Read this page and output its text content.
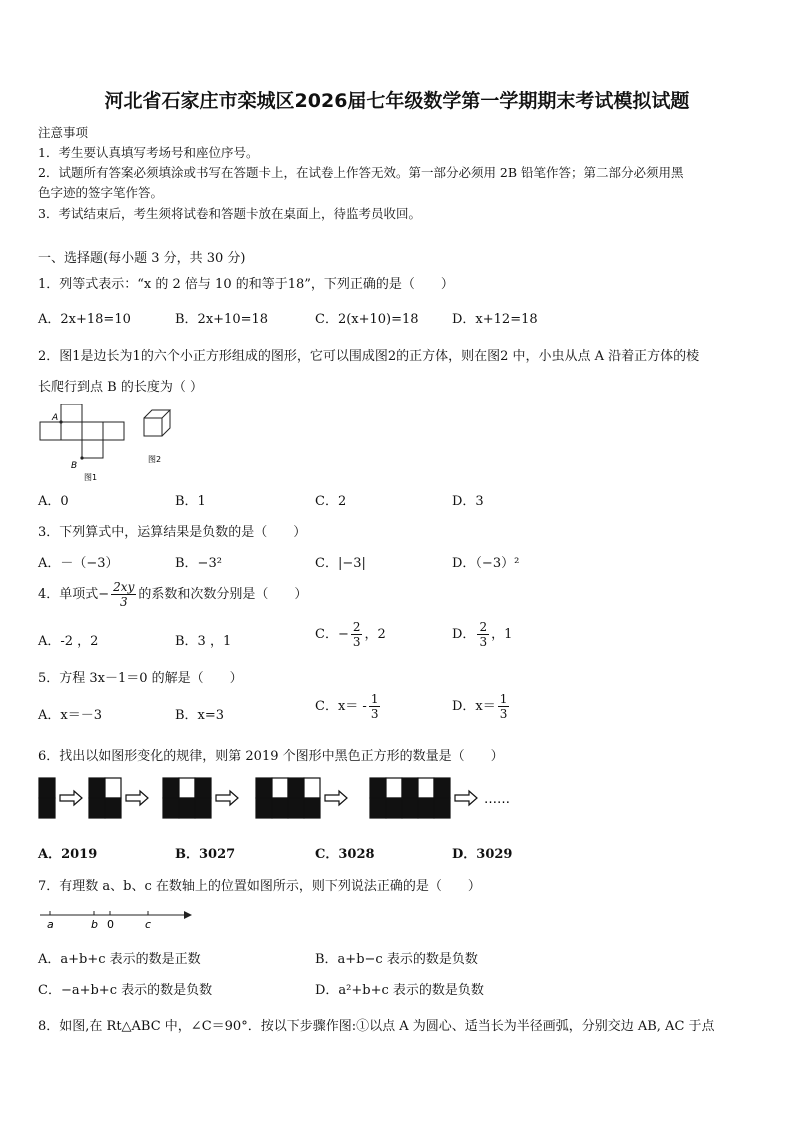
河北省石家庄市栾城区2026届七年级数学第一学期期末考试模拟试题
注意事项
1．考生要认真填写考场号和座位序号。
2．试题所有答案必须填涂或书写在答题卡上，在试卷上作答无效。第一部分必须用 2B 铅笔作答；第二部分必须用黑
色字迹的签字笔作答。
3．考试结束后，考生须将试卷和答题卡放在桌面上，待监考员收回。
一、选择题(每小题 3 分，共 30 分)
1．列等式表示：“x 的 2 倍与 10 的和等于18”，下列正确的是（　　）
A．2x+18=10	B．2x+10=18	C．2(x+10)=18	D．x+12=18
2．图1是边长为1的六个小正方形组成的图形，它可以围成图2的正方体，则在图2 中，小虫从点 A 沿着正方体的棱
长爬行到点 B 的长度为（ ）
A
B
图1
图2
A．0	B．1	C．2	D．3
3．下列算式中，运算结果是负数的是（　　）
A．－（−3）	B．−3²	C．|−3|	D．（−3）²
4．单项式− $\frac{2xy}{3}$ 的系数和次数分别是（　　）
A．-2 ，2	B．3 ，1	C．− $\frac{2}{3}$ ，2	D． $\frac{2}{3}$ ，1
5．方程 3x－1＝0 的解是（　　）
A．x＝－3	B．x=3
C．$x= - \frac{1}{3}$	D．$x= \frac{1}{3}$
6．找出以如图形变化的规律，则第 2019 个图形中黑色正方形的数量是（　　）
……
A．2019	B．3027	C．3028	D．3029
7．有理数 a、b、c 在数轴上的位置如图所示，则下列说法正确的是（　　）
a	b 0	c
A．a+b+c 表示的数是正数	B．a+b−c 表示的数是负数
C．−a+b+c 表示的数是负数	D．a²+b+c 表示的数是负数
8．如图,在 Rt△ABC 中，∠C＝90°．按以下步骤作图:①以点 A 为圆心、适当长为半径画弧，分别交边 AB, AC 于点
